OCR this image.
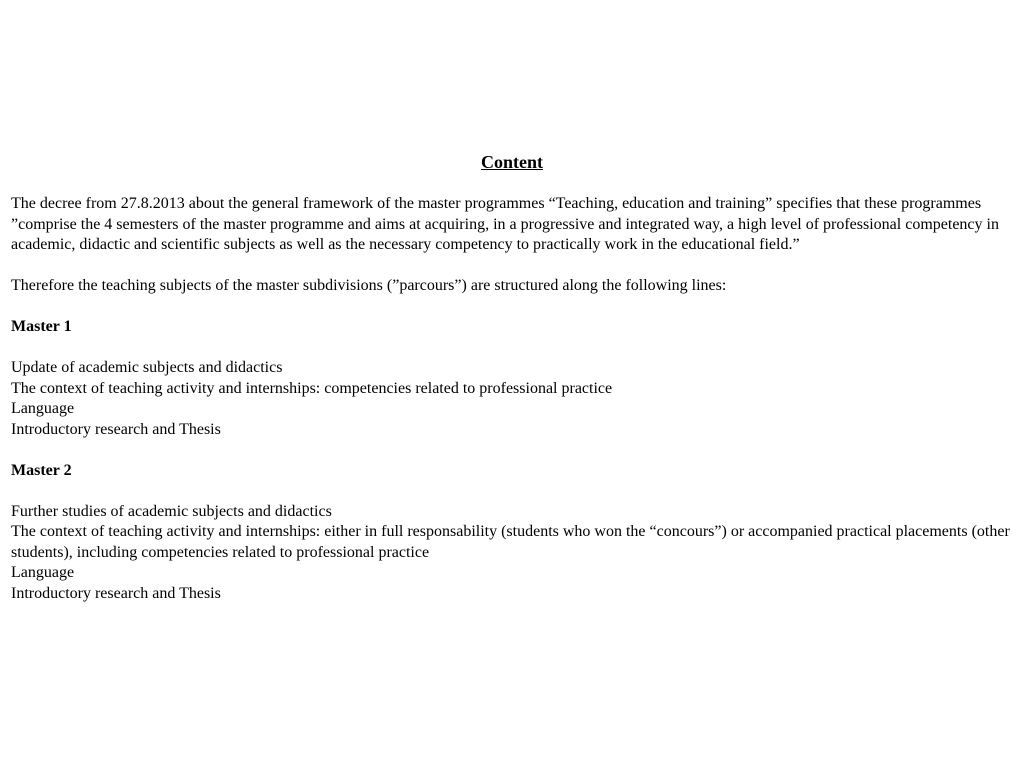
Content

The decree from 27.8.2013 about the general framework of the master programmes “Teaching, education and training” specifies that these programmes ”comprise the 4 semesters of the master programme and aims at acquiring, in a progressive and integrated way, a high level of professional competency in academic, didactic and scientific subjects as well as the necessary competency to practically work in the educational field.”

Therefore the teaching subjects of the master subdivisions (”parcours”) are structured along the following lines:

Master 1

Update of academic subjects and didactics

The context of teaching activity and internships: competencies related to professional practice

Language

Introductory research and Thesis

Master 2

Further studies of academic subjects and didactics

The context of teaching activity and internships: either in full responsability (students who won the “concours”) or accompanied practical placements (other students), including competencies related to professional practice

Language

Introductory research and Thesis
